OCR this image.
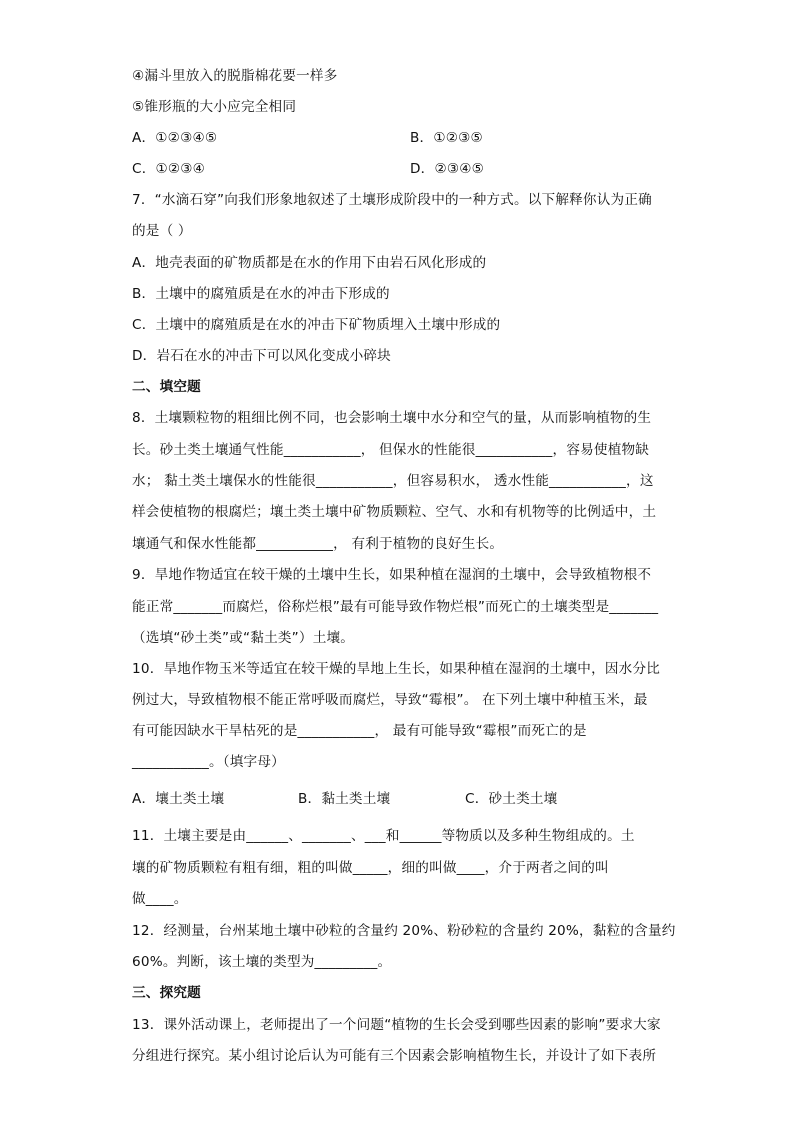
④漏斗里放入的脱脂棉花要一样多
⑤锥形瓶的大小应完全相同
A．①②③④⑤	B．①②③⑤
C．①②③④	D．②③④⑤
7．“水滴石穿”向我们形象地叙述了土壤形成阶段中的一种方式。以下解释你认为正确
的是（ ）
A．地壳表面的矿物质都是在水的作用下由岩石风化形成的
B．土壤中的腐殖质是在水的冲击下形成的
C．土壤中的腐殖质是在水的冲击下矿物质埋入土壤中形成的
D．岩石在水的冲击下可以风化变成小碎块
二、填空题
8．土壤颗粒物的粗细比例不同，也会影响土壤中水分和空气的量，从而影响植物的生
长。砂土类土壤通气性能___________， 但保水的性能很___________，容易使植物缺
水； 黏土类土壤保水的性能很___________，但容易积水， 透水性能___________，这
样会使植物的根腐烂；壤土类土壤中矿物质颗粒、空气、水和有机物等的比例适中，土
壤通气和保水性能都___________， 有利于植物的良好生长。
9．旱地作物适宜在较干燥的土壤中生长，如果种植在湿润的土壤中，会导致植物根不
能正常_______而腐烂，俗称烂根”最有可能导致作物烂根”而死亡的土壤类型是_______
（选填“砂土类”或“黏土类”）土壤。
10．旱地作物玉米等适宜在较干燥的旱地上生长，如果种植在湿润的土壤中，因水分比
例过大，导致植物根不能正常呼吸而腐烂，导致“霉根”。 在下列土壤中种植玉米，最
有可能因缺水干旱枯死的是___________， 最有可能导致“霉根”而死亡的是
___________。（填字母）
A．壤土类土壤	B．黏土类土壤	C．砂土类土壤
11．土壤主要是由______、_______、___和______等物质以及多种生物组成的。土
壤的矿物质颗粒有粗有细，粗的叫做_____，细的叫做____，介于两者之间的叫
做____。
12．经测量，台州某地土壤中砂粒的含量约 20%、粉砂粒的含量约 20%，黏粒的含量约
60%。判断，该土壤的类型为_________。
三、探究题
13．课外活动课上，老师提出了一个问题“植物的生长会受到哪些因素的影响”要求大家
分组进行探究。某小组讨论后认为可能有三个因素会影响植物生长，并设计了如下表所
